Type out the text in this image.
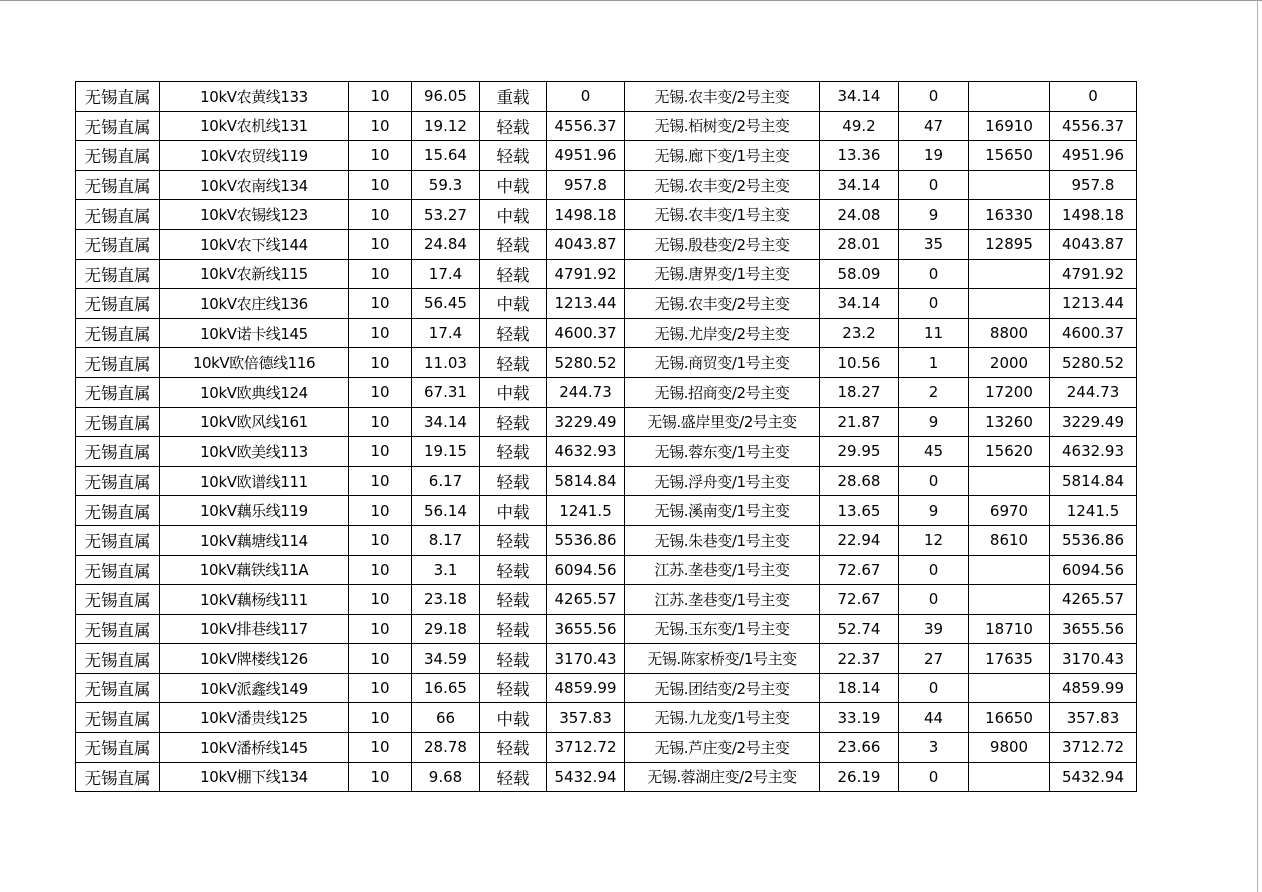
无锡直属	10kV农黄线133	10	96.05	重载	0	无锡.农丰变/2号主变	34.14	0		0
无锡直属	10kV农机线131	10	19.12	轻载	4556.37	无锡.栢树变/2号主变	49.2	47	16910	4556.37
无锡直属	10kV农贸线119	10	15.64	轻载	4951.96	无锡.廊下变/1号主变	13.36	19	15650	4951.96
无锡直属	10kV农南线134	10	59.3	中载	957.8	无锡.农丰变/2号主变	34.14	0		957.8
无锡直属	10kV农锡线123	10	53.27	中载	1498.18	无锡.农丰变/1号主变	24.08	9	16330	1498.18
无锡直属	10kV农下线144	10	24.84	轻载	4043.87	无锡.殷巷变/2号主变	28.01	35	12895	4043.87
无锡直属	10kV农新线115	10	17.4	轻载	4791.92	无锡.唐界变/1号主变	58.09	0		4791.92
无锡直属	10kV农庄线136	10	56.45	中载	1213.44	无锡.农丰变/2号主变	34.14	0		1213.44
无锡直属	10kV诺卡线145	10	17.4	轻载	4600.37	无锡.尤岸变/2号主变	23.2	11	8800	4600.37
无锡直属	10kV欧倍德线116	10	11.03	轻载	5280.52	无锡.商贸变/1号主变	10.56	1	2000	5280.52
无锡直属	10kV欧典线124	10	67.31	中载	244.73	无锡.招商变/2号主变	18.27	2	17200	244.73
无锡直属	10kV欧风线161	10	34.14	轻载	3229.49	无锡.盛岸里变/2号主变	21.87	9	13260	3229.49
无锡直属	10kV欧美线113	10	19.15	轻载	4632.93	无锡.蓉东变/1号主变	29.95	45	15620	4632.93
无锡直属	10kV欧谱线111	10	6.17	轻载	5814.84	无锡.浮舟变/1号主变	28.68	0		5814.84
无锡直属	10kV藕乐线119	10	56.14	中载	1241.5	无锡.溪南变/1号主变	13.65	9	6970	1241.5
无锡直属	10kV藕塘线114	10	8.17	轻载	5536.86	无锡.朱巷变/1号主变	22.94	12	8610	5536.86
无锡直属	10kV藕铁线11A	10	3.1	轻载	6094.56	江苏.垄巷变/1号主变	72.67	0		6094.56
无锡直属	10kV藕杨线111	10	23.18	轻载	4265.57	江苏.垄巷变/1号主变	72.67	0		4265.57
无锡直属	10kV排巷线117	10	29.18	轻载	3655.56	无锡.玉东变/1号主变	52.74	39	18710	3655.56
无锡直属	10kV牌楼线126	10	34.59	轻载	3170.43	无锡.陈家桥变/1号主变	22.37	27	17635	3170.43
无锡直属	10kV派鑫线149	10	16.65	轻载	4859.99	无锡.团结变/2号主变	18.14	0		4859.99
无锡直属	10kV潘贵线125	10	66	中载	357.83	无锡.九龙变/1号主变	33.19	44	16650	357.83
无锡直属	10kV潘桥线145	10	28.78	轻载	3712.72	无锡.芦庄变/2号主变	23.66	3	9800	3712.72
无锡直属	10kV棚下线134	10	9.68	轻载	5432.94	无锡.蓉湖庄变/2号主变	26.19	0		5432.94
